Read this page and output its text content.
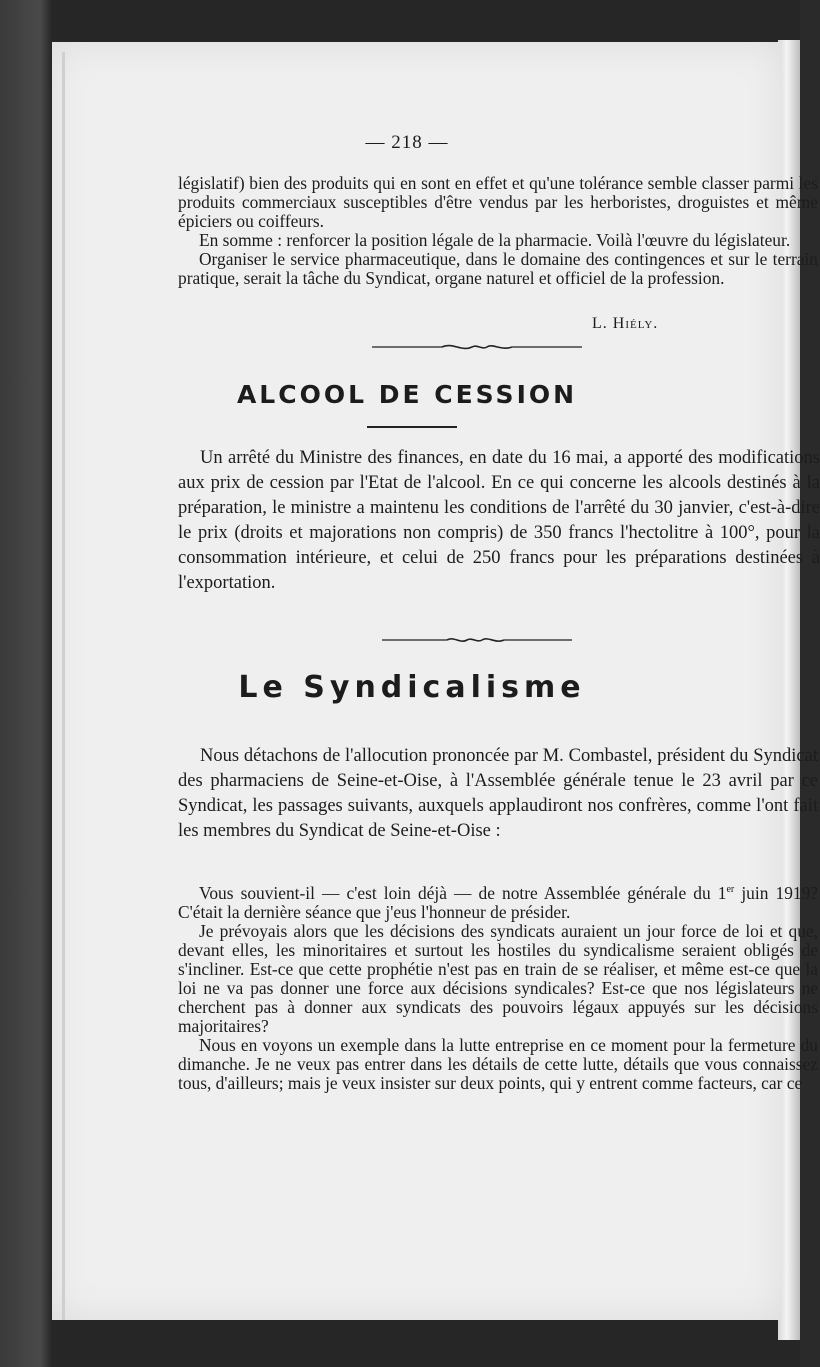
— 218 —

législatif) bien des produits qui en sont en effet et qu'une tolérance semble classer parmi les produits commerciaux susceptibles d'être vendus par les herboristes, droguistes et même épiciers ou coiffeurs.

En somme : renforcer la position légale de la pharmacie. Voilà l'œuvre du législateur.

Organiser le service pharmaceutique, dans le domaine des contingences et sur le terrain pratique, serait la tâche du Syndicat, organe naturel et officiel de la profession.

L. Hiély.
ALCOOL DE CESSION

Un arrêté du Ministre des finances, en date du 16 mai, a apporté des modifications aux prix de cession par l'Etat de l'alcool. En ce qui concerne les alcools destinés à la préparation, le ministre a maintenu les conditions de l'arrêté du 30 janvier, c'est-à-dire le prix (droits et majorations non compris) de 350 francs l'hectolitre à 100°, pour la consommation intérieure, et celui de 250 francs pour les préparations destinées à l'exportation.

Le Syndicalisme

Nous détachons de l'allocution prononcée par M. Combastel, président du Syndicat des pharmaciens de Seine-et-Oise, à l'Assemblée générale tenue le 23 avril par ce Syndicat, les passages suivants, auxquels applaudiront nos confrères, comme l'ont fait les membres du Syndicat de Seine-et-Oise :

Vous souvient-il — c'est loin déjà — de notre Assemblée générale du 1er juin 1919? C'était la dernière séance que j'eus l'honneur de présider.

Je prévoyais alors que les décisions des syndicats auraient un jour force de loi et que, devant elles, les minoritaires et surtout les hostiles du syndicalisme seraient obligés de s'incliner. Est-ce que cette prophétie n'est pas en train de se réaliser, et même est-ce que la loi ne va pas donner une force aux décisions syndicales? Est-ce que nos législateurs ne cherchent pas à donner aux syndicats des pouvoirs légaux appuyés sur les décisions majoritaires?

Nous en voyons un exemple dans la lutte entreprise en ce moment pour la fermeture du dimanche. Je ne veux pas entrer dans les détails de cette lutte, détails que vous connaissez tous, d'ailleurs; mais je veux insister sur deux points, qui y entrent comme facteurs, car ce
